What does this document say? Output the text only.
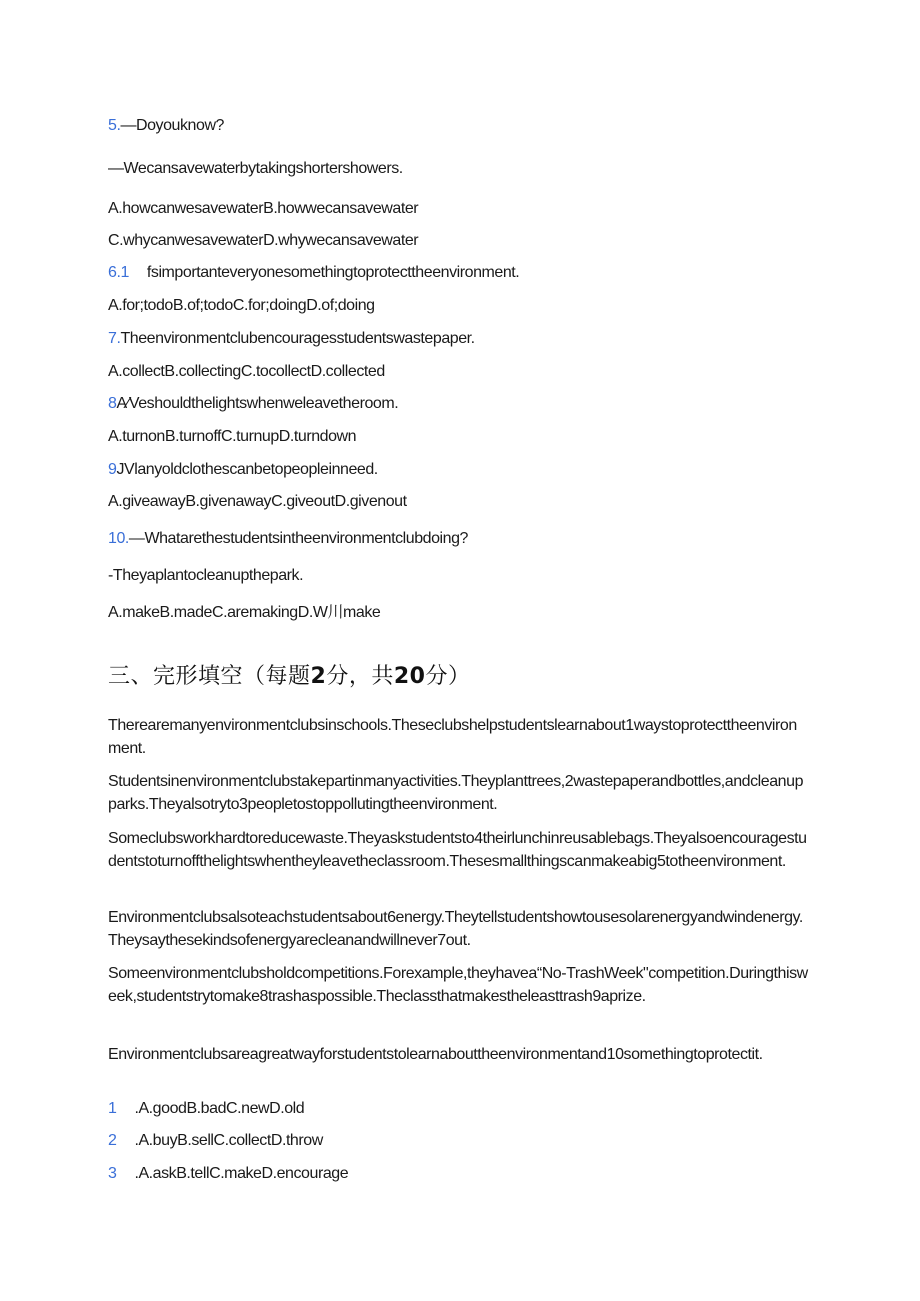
5.—Doyouknow?
—Wecansavewaterbytakingshortershowers.
A.howcanwesavewaterB.howwecansavewater
C.whycanwesavewaterD.whywecansavewater
6.1 fsimportanteveryonesomethingtoprotecttheenvironment.
A.for;todoB.of;todoC.for;doingD.of;doing
7.Theenvironmentclubencouragesstudentswastepaper.
A.collectB.collectingC.tocollectD.collected
8A∕Veshouldthelightswhenweleavetheroom.
A.turnonB.turnoffC.turnupD.turndown
9JVlanyoldclothescanbetopeopleinneed.
A.giveawayB.givenawayC.giveoutD.givenout
10.—Whatarethestudentsintheenvironmentclubdoing?
-Theyaplantocleanupthepark.
A.makeB.madeC.aremakingD.W川make
三、完形填空（每题2分，共20分）
Therearemanyenvironmentclubsinschools.Theseclubshelpstudentslearnabout1waystoprotecttheenvironment.
Studentsinenvironmentclubstakepartinmanyactivities.Theyplanttrees,2wastepaperandbottles,andcleanupparks.Theyalsotryto3peopletostoppollutingtheenvironment.
Someclubsworkhardtoreducewaste.Theyaskstudentsto4theirlunchinreusablebags.Theyalsoencouragestudentstoturnoffthelightswhentheyleavetheclassroom.Thesesmallthingscanmakeabig5totheenvironment.
Environmentclubsalsoteachstudentsabout6energy.Theytellstudentshowtousesolarenergyandwindenergy.Theysaythesekindsofenergyarecleanandwillnever7out.
Someenvironmentclubsholdcompetitions.Forexample,theyhavea“No-TrashWeek"competition.Duringthisweek,studentstrytomake8trashaspossible.Theclassthatmakestheleasttrash9aprize.
Environmentclubsareagreatwayforstudentstolearnabouttheenvironmentand10somethingtoprotectit.
1 .A.goodB.badC.newD.old
2 .A.buyB.sellC.collectD.throw
3 .A.askB.tellC.makeD.encourage
